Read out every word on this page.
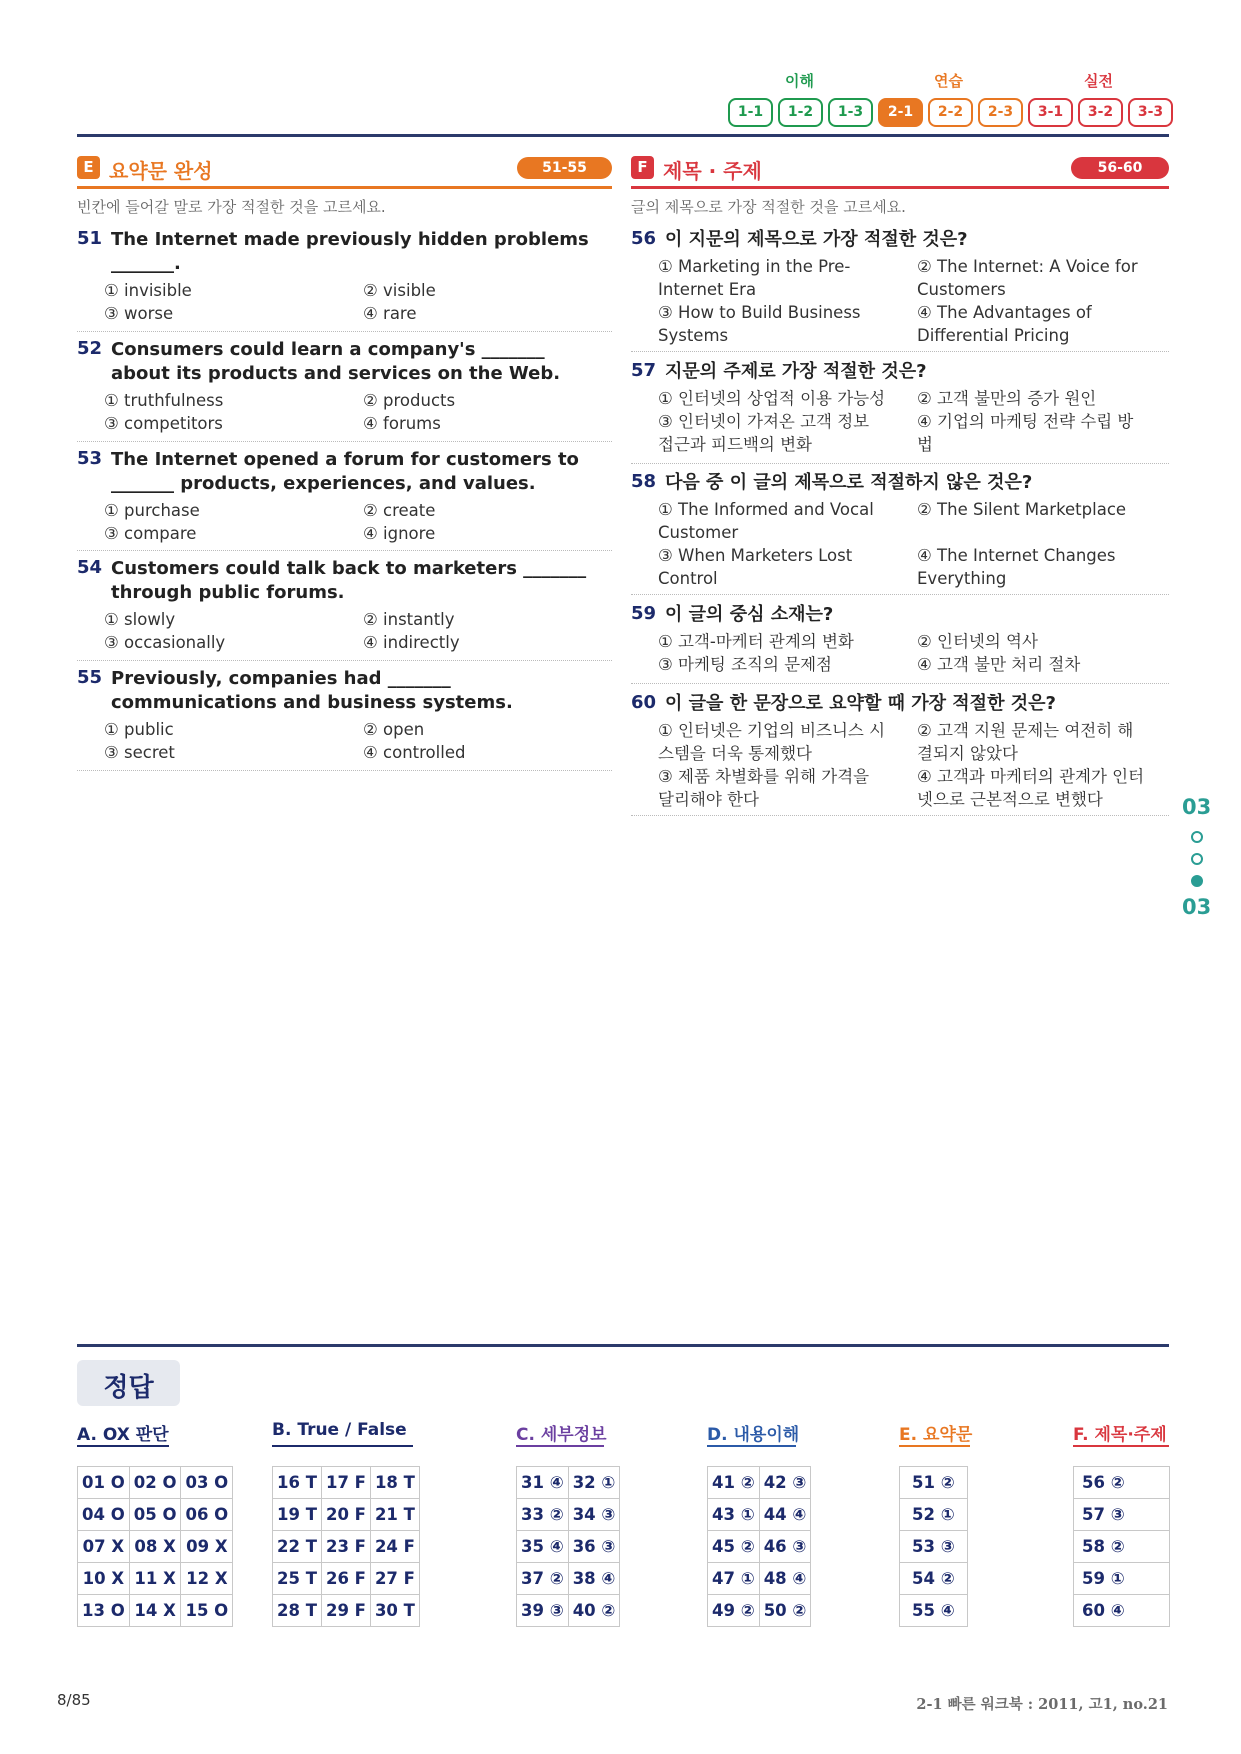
이해	연습	실전
1-1	1-2	1-3	2-1	2-2	2-3	3-1	3-2	3-3
E 요약문 완성	51-55
빈칸에 들어갈 말로 가장 적절한 것을 고르세요.
51 The Internet made previously hidden problems
_______.
① invisible	② visible
③ worse	④ rare
52 Consumers could learn a company's _______
about its products and services on the Web.
① truthfulness	② products
③ competitors	④ forums
53 The Internet opened a forum for customers to
_______ products, experiences, and values.
① purchase	② create
③ compare	④ ignore
54 Customers could talk back to marketers _______
through public forums.
① slowly	② instantly
③ occasionally	④ indirectly
55 Previously, companies had _______
communications and business systems.
① public	② open
③ secret	④ controlled
F 제목 · 주제	56-60
글의 제목으로 가장 적절한 것을 고르세요.
56 이 지문의 제목으로 가장 적절한 것은?
① Marketing in the Pre-
Internet Era
② The Internet: A Voice for
Customers
③ How to Build Business
Systems
④ The Advantages of
Differential Pricing
57 지문의 주제로 가장 적절한 것은?
① 인터넷의 상업적 이용 가능성	② 고객 불만의 증가 원인
③ 인터넷이 가져온 고객 정보
접근과 피드백의 변화
④ 기업의 마케팅 전략 수립 방
법
58 다음 중 이 글의 제목으로 적절하지 않은 것은?
① The Informed and Vocal
Customer
② The Silent Marketplace
③ When Marketers Lost
Control
④ The Internet Changes
Everything
59 이 글의 중심 소재는?
① 고객-마케터 관계의 변화	② 인터넷의 역사
③ 마케팅 조직의 문제점	④ 고객 불만 처리 절차
60 이 글을 한 문장으로 요약할 때 가장 적절한 것은?
① 인터넷은 기업의 비즈니스 시
스템을 더욱 통제했다
② 고객 지원 문제는 여전히 해
결되지 않았다
③ 제품 차별화를 위해 가격을
달리해야 한다
④ 고객과 마케터의 관계가 인터
넷으로 근본적으로 변했다	03
03
정답
A. OX 판단	B. True / False	C. 세부정보	D. 내용이해	E. 요약문	F. 제목·주제
01 O	02 O	03 O
04 O	05 O	06 O
07 X	08 X	09 X
10 X	11 X	12 X
13 O	14 X	15 O
16 T	17 F	18 T
19 T	20 F	21 T
22 T	23 F	24 F
25 T	26 F	27 F
28 T	29 F	30 T
31 ④	32 ①
33 ②	34 ③
35 ④	36 ③
37 ②	38 ④
39 ③	40 ②
41 ②	42 ③
43 ①	44 ④
45 ②	46 ③
47 ①	48 ④
49 ②	50 ②
51 ②
52 ①
53 ③
54 ②
55 ④
56 ②
57 ③
58 ②
59 ①
60 ④
8/85	2-1 빠른 워크북 : 2011, 고1, no.21
